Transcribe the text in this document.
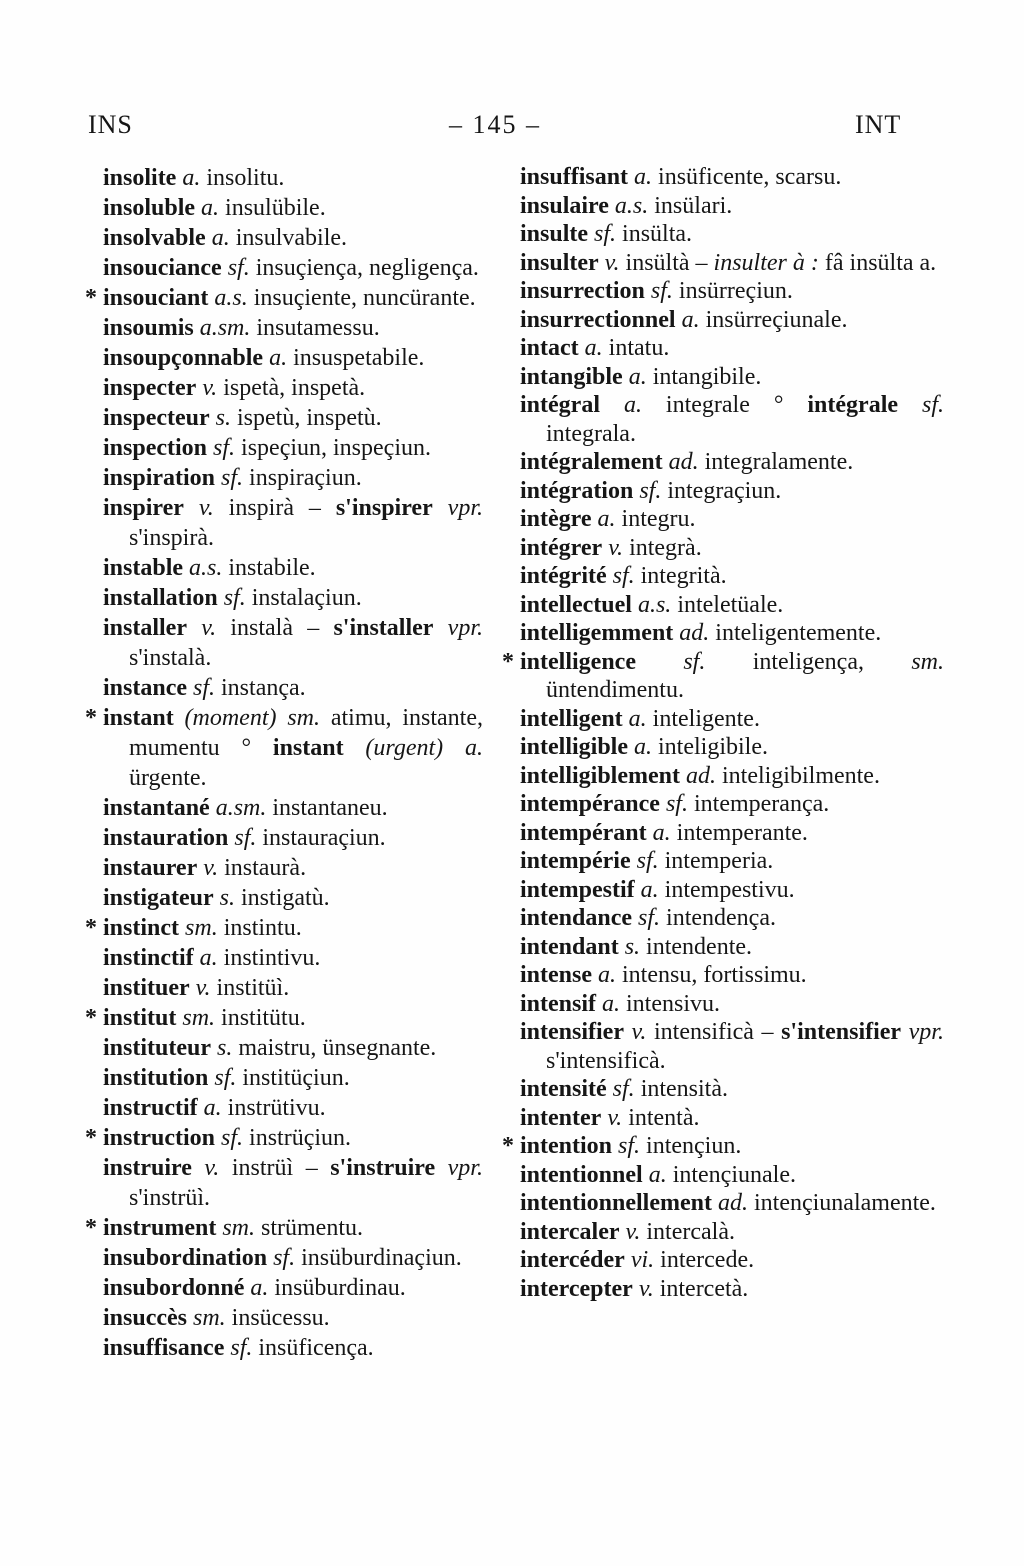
INS	– 145 –	INT

insolite a. insolitu.

insoluble a. insulübile.

insolvable a. insulvabile.

insouciance sf. insuçiença, negligença.

* insouciant a.s. insuçiente, nuncürante.

insoumis a.sm. insutamessu.

insoupçonnable a. insuspetabile.

inspecter v. ispetà, inspetà.

inspecteur s. ispetù, inspetù.

inspection sf. ispeçiun, inspeçiun.

inspiration sf. inspiraçiun.

inspirer v. inspirà – s'inspirer vpr. s'inspirà.

instable a.s. instabile.

installation sf. instalaçiun.

installer v. instalà – s'installer vpr. s'instalà.

instance sf. instança.

* instant (moment) sm. atimu, instante, mumentu ° instant (urgent) a. ürgente.

instantané a.sm. instantaneu.

instauration sf. instauraçiun.

instaurer v. instaurà.

instigateur s. instigatù.

* instinct sm. instintu.

instinctif a. instintivu.

instituer v. institüì.

* institut sm. institütu.

instituteur s. maistru, ünsegnante.

institution sf. institüçiun.

instructif a. instrütivu.

* instruction sf. instrüçiun.

instruire v. instrüì – s'instruire vpr. s'instrüì.

* instrument sm. strümentu.

insubordination sf. insüburdinaçiun.

insubordonné a. insüburdinau.

insuccès sm. insücessu.

insuffisance sf. insüficença.

insuffisant a. insüficente, scarsu.

insulaire a.s. insülari.

insulte sf. insülta.

insulter v. insültà – insulter à : fâ insülta a.

insurrection sf. insürreçiun.

insurrectionnel a. insürreçiunale.

intact a. intatu.

intangible a. intangibile.

intégral a. integrale ° intégrale sf. integrala.

intégralement ad. integralamente.

intégration sf. integraçiun.

intègre a. integru.

intégrer v. integrà.

intégrité sf. integrità.

intellectuel a.s. inteletüale.

intelligemment ad. inteligentemente.

* intelligence sf. inteligença, sm. üntendimentu.

intelligent a. inteligente.

intelligible a. inteligibile.

intelligiblement ad. inteligibilmente.

intempérance sf. intemperança.

intempérant a. intemperante.

intempérie sf. intemperia.

intempestif a. intempestivu.

intendance sf. intendença.

intendant s. intendente.

intense a. intensu, fortissimu.

intensif a. intensivu.

intensifier v. intensificà – s'intensifier vpr. s'intensificà.

intensité sf. intensità.

intenter v. intentà.

* intention sf. intençiun.

intentionnel a. intençiunale.

intentionnellement ad. intençiunalamente.

intercaler v. intercalà.

intercéder vi. intercede.

intercepter v. intercetà.
